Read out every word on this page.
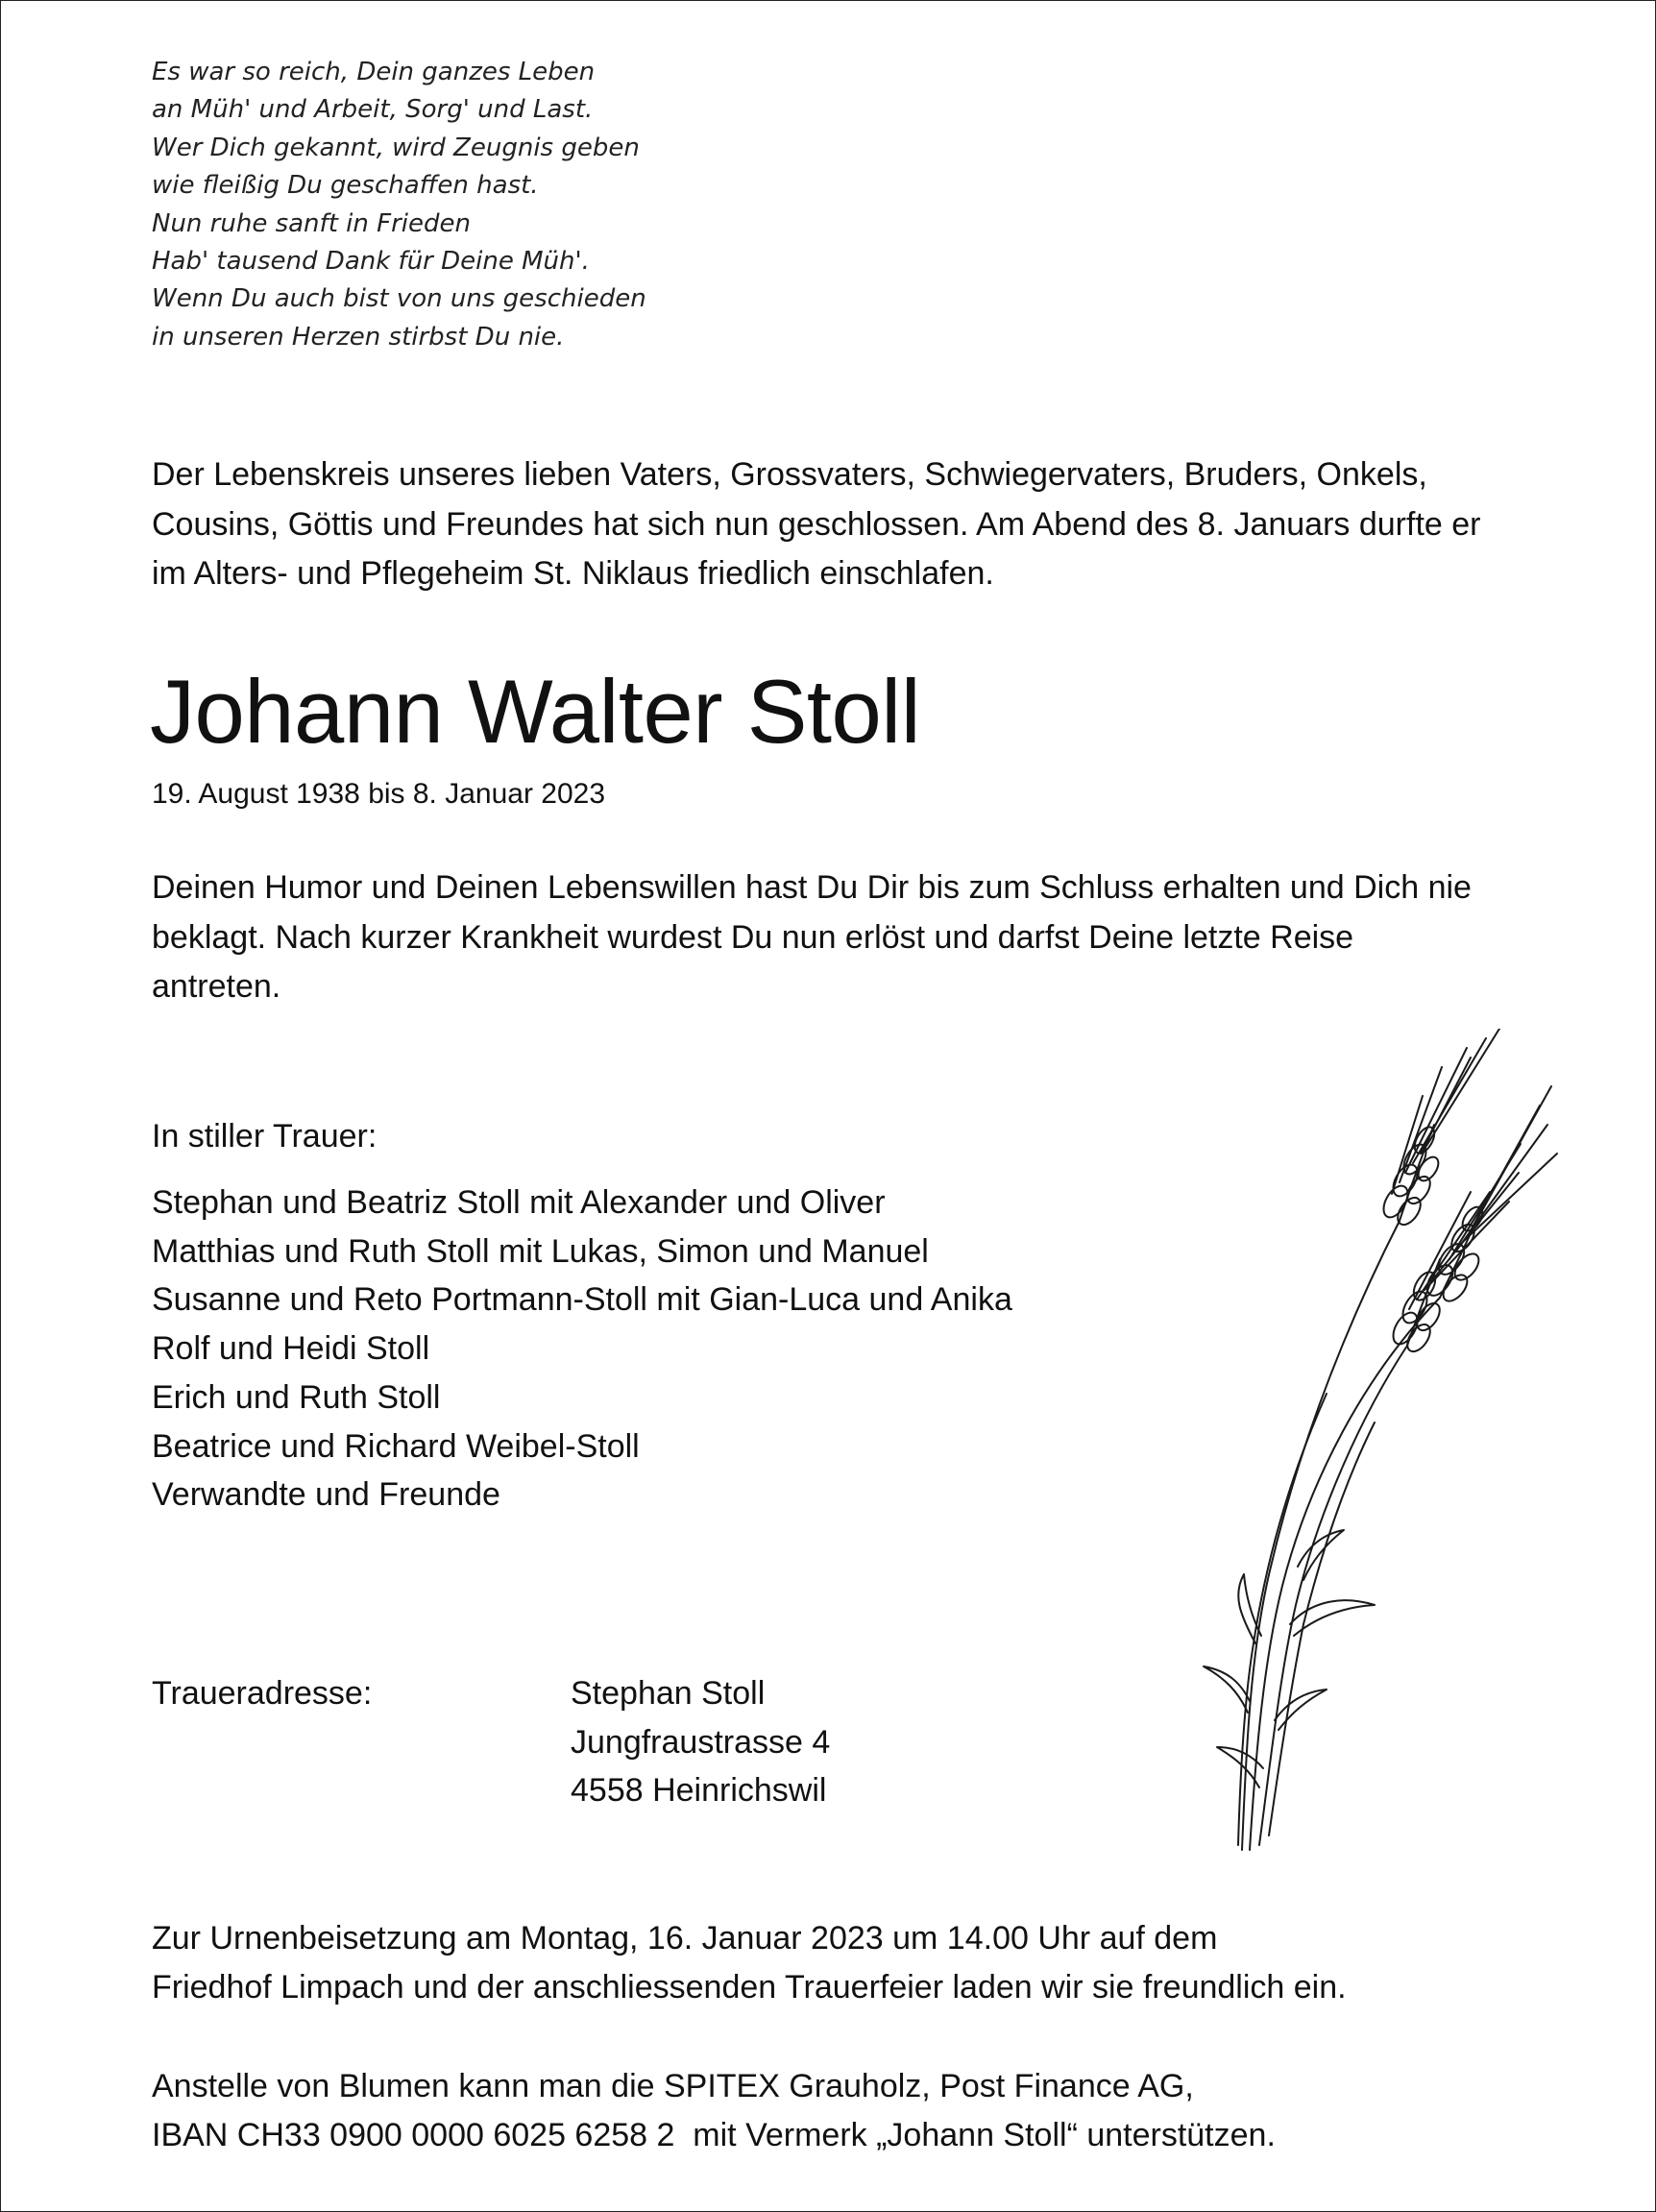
Es war so reich, Dein ganzes Leben
an Müh' und Arbeit, Sorg' und Last.
Wer Dich gekannt, wird Zeugnis geben
wie fleißig Du geschaffen hast.
Nun ruhe sanft in Frieden
Hab' tausend Dank für Deine Müh'.
Wenn Du auch bist von uns geschieden
in unseren Herzen stirbst Du nie.
Der Lebenskreis unseres lieben Vaters, Grossvaters, Schwiegervaters, Bruders, Onkels,
Cousins, Göttis und Freundes hat sich nun geschlossen. Am Abend des 8. Januars durfte er
im Alters- und Pflegeheim St. Niklaus friedlich einschlafen.
Johann Walter Stoll
19. August 1938 bis 8. Januar 2023
Deinen Humor und Deinen Lebenswillen hast Du Dir bis zum Schluss erhalten und Dich nie
beklagt. Nach kurzer Krankheit wurdest Du nun erlöst und darfst Deine letzte Reise
antreten.
In stiller Trauer:
Stephan und Beatriz Stoll mit Alexander und Oliver
Matthias und Ruth Stoll mit Lukas, Simon und Manuel
Susanne und Reto Portmann-Stoll mit Gian-Luca und Anika
Rolf und Heidi Stoll
Erich und Ruth Stoll
Beatrice und Richard Weibel-Stoll
Verwandte und Freunde
Traueradresse:	Stephan Stoll
Jungfraustrasse 4
4558 Heinrichswil
Zur Urnenbeisetzung am Montag, 16. Januar 2023 um 14.00 Uhr auf dem
Friedhof Limpach und der anschliessenden Trauerfeier laden wir sie freundlich ein.
Anstelle von Blumen kann man die SPITEX Grauholz, Post Finance AG,
IBAN CH33 0900 0000 6025 6258 2  mit Vermerk „Johann Stoll“ unterstützen.
